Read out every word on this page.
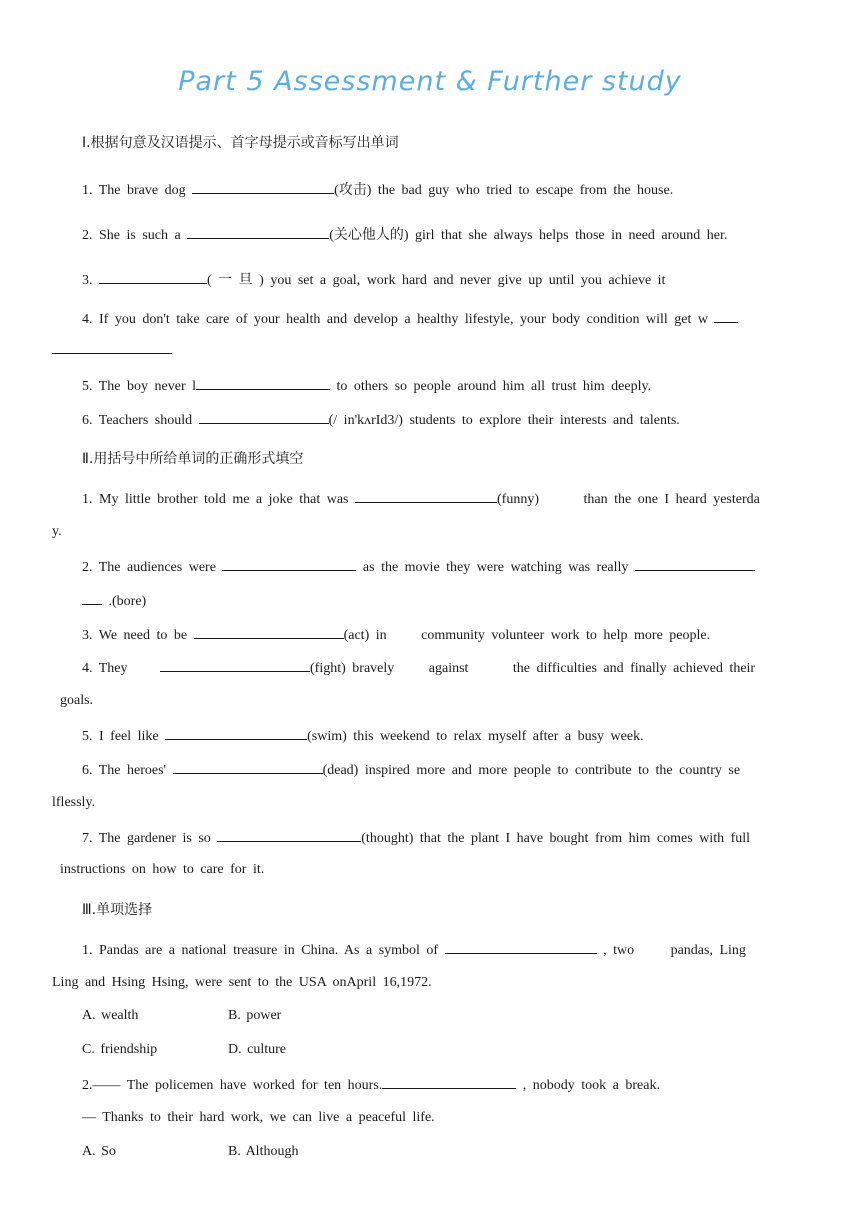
Part 5 Assessment & Further study
Ⅰ.根据句意及汉语提示、首字母提示或音标写出单词
1. The brave dog	(攻击) the bad guy who tried to escape from the house.
2. She is such a	(关心他人的) girl that she always helps those in need around her.
3.	( 一 旦 ) you set a goal, work hard and never give up until you achieve it
4. If you don't take care of your health and develop a healthy lifestyle, your body condition will get w
5. The boy never l	to others so people around him all trust him deeply.
6. Teachers should	(/ in'kʌrId3/) students to explore their interests and talents.
Ⅱ.用括号中所给单词的正确形式填空
1. My little brother told me a joke that was	(funny)	than the one I heard yesterda
y.
2. The audiences were	as the movie they were watching was really
.(bore)
3. We need to be	(act) in community volunteer work to help more people.
4. They	(fight) bravely against	the difficulties and finally achieved their
goals.
5. I feel like	(swim) this weekend to relax myself after a busy week.
6. The heroes'	(dead) inspired more and more people to contribute to the country se
lflessly.
7. The gardener is so	(thought) that the plant I have bought from him comes with full
instructions on how to care for it.
Ⅲ.单项选择
1. Pandas are a national treasure in China. As a symbol of	, two	pandas, Ling
Ling and Hsing Hsing, were sent to the USA onApril 16,1972.
A. wealth	B. power
C. friendship	D. culture
2.—— The policemen have worked for ten hours.	, nobody took a break.
— Thanks to their hard work, we can live a peaceful life.
A. So	B. Although
